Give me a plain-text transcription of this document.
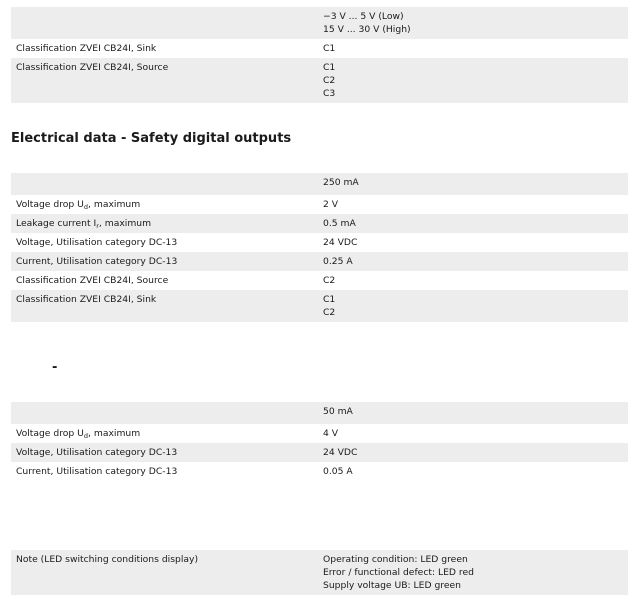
−3 V ... 5 V (Low)
15 V ... 30 V (High)
Classification ZVEI CB24I, Sink	C1
Classification ZVEI CB24I, Source	C1
C2
C3
Electrical data - Safety digital outputs
250 mA
Voltage drop $U_d$, maximum	2 V
Leakage current $I_r$, maximum	0.5 mA
Voltage, Utilisation category DC-13	24 VDC
Current, Utilisation category DC-13	0.25 A
Classification ZVEI CB24I, Source	C2
Classification ZVEI CB24I, Sink	C1
C2
-
50 mA
Voltage drop $U_d$, maximum	4 V
Voltage, Utilisation category DC-13	24 VDC
Current, Utilisation category DC-13	0.05 A
Note (LED switching conditions display)	Operating condition: LED green
Error / functional defect: LED red
Supply voltage UB: LED green
